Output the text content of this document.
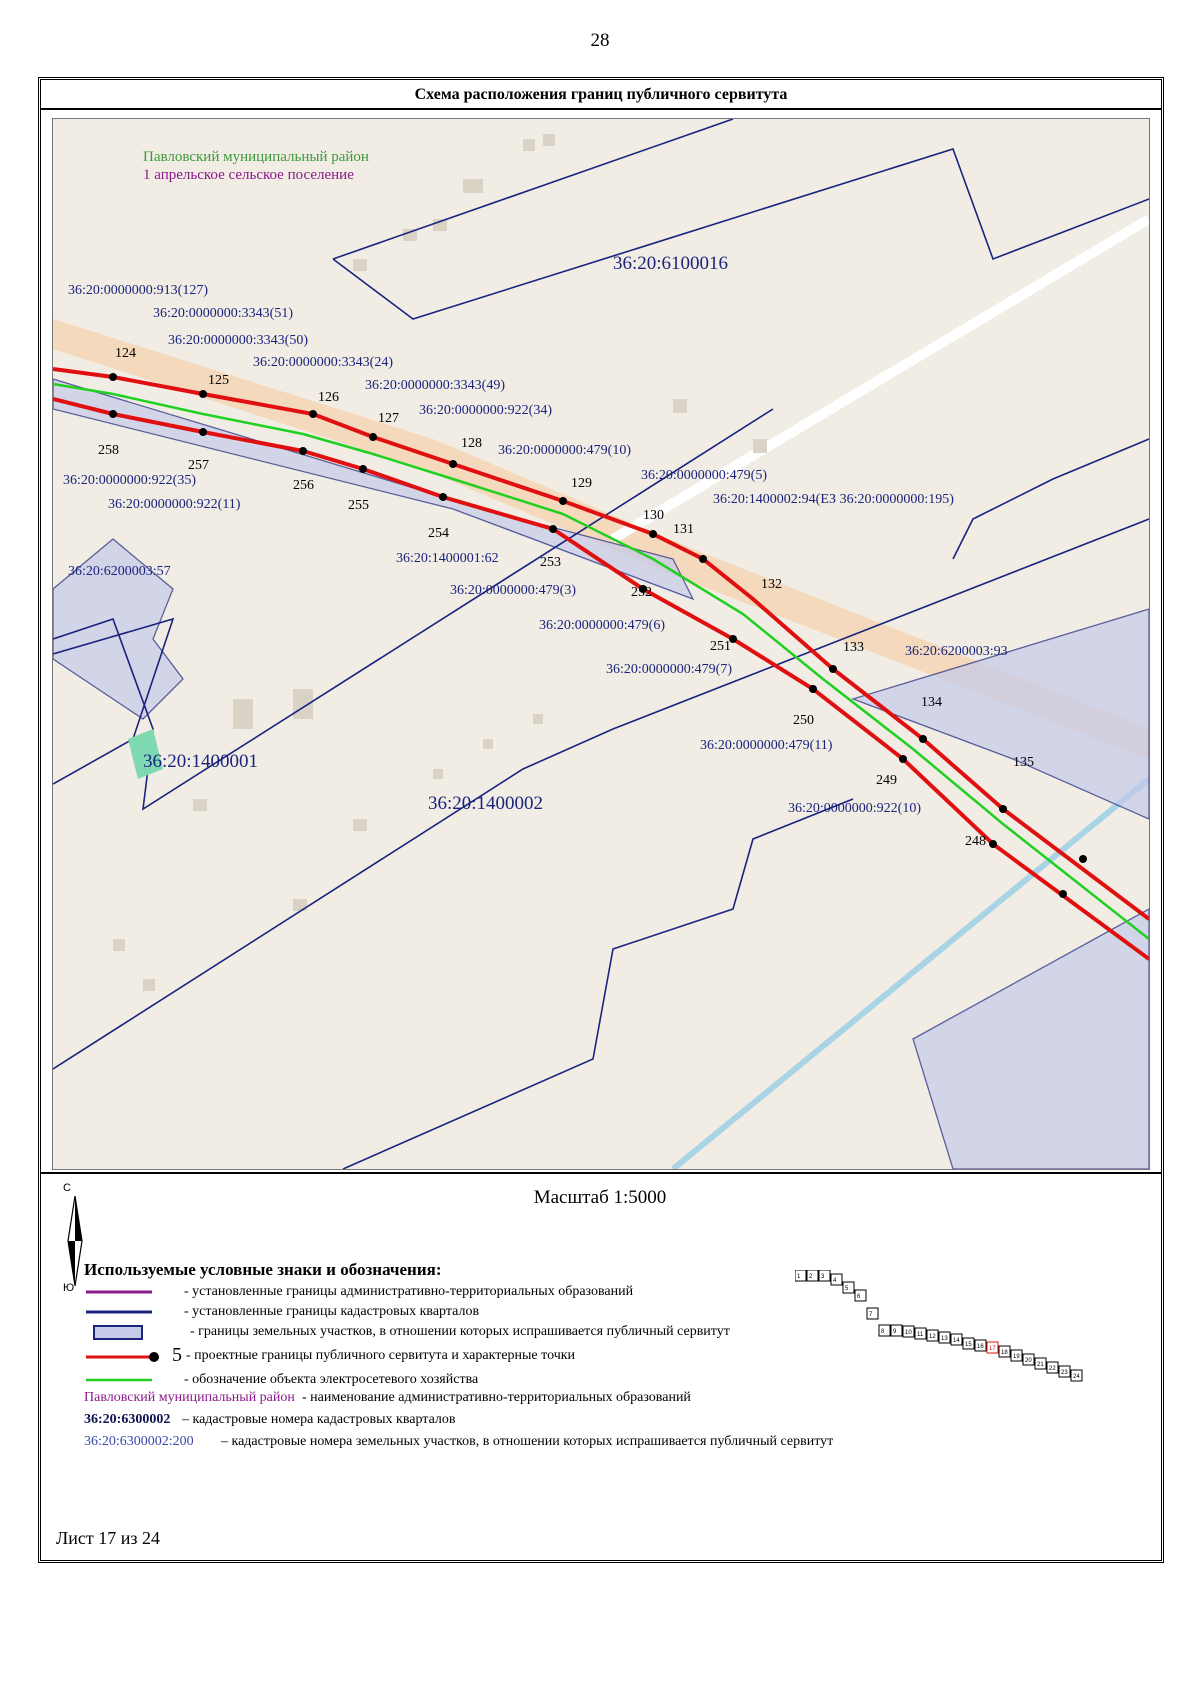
28
Схема расположения границ публичного сервитута
Павловский муниципальный район
1 апрельское сельское поселение
36:20:6100016
36:20:1400001
36:20:1400002
36:20:0000000:913(127)
36:20:0000000:3343(51)
36:20:0000000:3343(50)
36:20:0000000:3343(24)
36:20:0000000:3343(49)
36:20:0000000:922(34)
36:20:0000000:479(10)
36:20:0000000:479(5)
36:20:1400002:94(ЕЗ 36:20:0000000:195)
36:20:0000000:922(35)
36:20:0000000:922(11)
36:20:1400001:62
36:20:0000000:479(3)
36:20:6200003:57
36:20:0000000:479(6)
36:20:0000000:479(7)
36:20:6200003:93
36:20:0000000:479(11)
36:20:0000000:922(10)
124
125
126
127
128
129
130
131
132
133
134
135
258
257
256
255
254
253
252
251
250
249
248
Масштаб 1:5000
С
Ю
Используемые условные знаки и обозначения:
- установленные границы административно-территориальных образований
- установленные границы кадастровых кварталов
- границы земельных участков, в отношении которых испрашивается публичный сервитут
5 - проектные границы публичного сервитута и характерные точки
- обозначение объекта электросетевого хозяйства
Павловский муниципальный район - наименование административно-территориальных образований
36:20:6300002 – кадастровые номера кадастровых кварталов
36:20:6300002:200 – кадастровые номера земельных участков, в отношении которых испрашивается публичный сервитут
1 2 3
4
5
6
7
8 9 10 11 12 13 14
15 16 17
18
19
20
21
22
23
24
Лист 17 из 24
